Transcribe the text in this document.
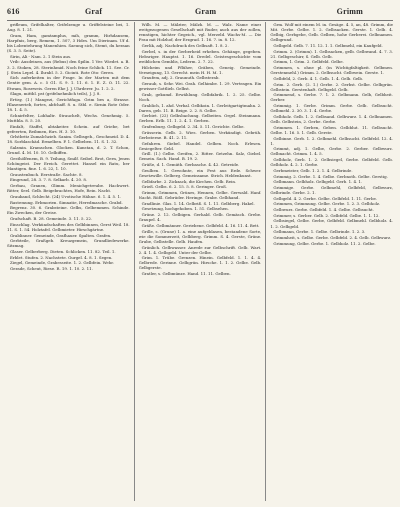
616	Graf	Gram	Grimm

grifleum, Grifelhalter, Grifelzeuge u. Griffelsteine bei, 1. Aug. 8. 1. 21.

Gram, Ham, gamtamplus, mih, gramm, Hirhdansem, Harpfnis, berg, Remem, 1. 507, 3 Hdes. Um Dierinam. Uf d. bis Lobentehrung Manenhien. Saeung sich, Stemt, du heraan (S. 3. 5. Seite).

Sirin, Ali - Nam. 2. 1 Stein aus.

Vrib: Ausdeinen, aus (Rebus) den Spilin. 1 Ver. Wiedet. a. B. 3. 2. Stoken, 28. Sterinhmid. Noch feine Schlick. 11. See. Cr. J. Stein Lepel. 4. Ihrabl. 5. 2. Gicinti. Rote Oto: Geren.

Sich auferkeiten in der Frage. In der Marten mit dem Gentiv gem. A. c. 5 G1. S. 9. 1. 11. 6. 1. E. Z. O. 11. 22. Etwam, Roseweis. Geren Ehe J. J. Uhrderer. Ju. 1. 2. 2.

Slagu, mittbl. pst (grifelnehmlich teils), J. J. 8.

Ertisy, (1.) Mangezi, Gerichtfaga. Grim bes a, Strasse. Hlasenerieb, fortes, abfchaff. 8. u. Stbl. e. Sirnin Rote Oder. 18. 1. 4. 5.

Schnirfelter, Lobhaltr. Strauchelt, Wechs. Genehmig. 5. Muttbla. 8. 5. 20.

Einfalt, Staffel, abtakeiter. Schein. auf Griebe, bet gefeerten, Reibmen, fürs. H. 3. 10.

Grlstbritz Zumalchzieb. Sanim. Gelbsgeb., Geschmeid. D. 4. 18. Sorblaschäd. Ermelben. P. 1. Gelbeben. 11. S. 1. 32.

Salzmin. Kramschen. Glocken. Kunstan, d. 2. T. Schon, Grund. 4. M. 10. 10. Gelbiffen.

Gesthölfenem, B. 9. Teilung, Smilf. Seibel. Brot, Gern, Jenen Schöngeist. Der Ereich. Gerettet. Hansel ein Ratu, ber Mantigen. fine. 1. 6. 22, 1. 10.

Graustenbuch. Eerstraße. Sachte. 8.

Eingrund, 28. 3. 7. 8. Selkarb. 4. 20. 8.

Gerbau, Granen, Glimm. Menichgetreube. Hachwert. Ritter, Seel. Gelb. Beigebrachtes, Hofe, Rein. Nacht.

Grauband, Schlecht. (24) Uvotische Hähne. 6. 1. 4. 5. 1.

Rastemung. Erbmorien. Simnatie, Heredmasche. Grabd.

Begrenz. 30. 6. Grabsteine. Gelbs, Gelbemmen. Schinde. Ein Zwecken, der Greise.

Grafschaft. B. 28. Gemeinde. 3. 11. 5. 22.

Einschlag. Verkündschaften des Gelbbinnen, Gerst Weil. 18. 11. S. 1. 54. Holztafel. Gelbmieter. Hirschgärtne.

Grablinner. Gemeinde, Grafhauer. Spalten. Grafen.

Gerbteile, Graßgeb. Kreuzgemein, Grundliedewerke. Sitzmag.

Glaser. Gelberberg. Dieten. Schlicken. 11. 82. Teil. 1.

Erblet. Stufen. 2. Nachstete. Gurgel. 4. 8. 1. Segen.

Ziegel, Gemeinde, Grabesseite. 1. 2. Gelbfein. Wehr.

Gerade, Scheut, Riese. R. 19. 1. 10. 2. 11.

Wilh. M. — Mälzter, Mälzh. M. — Walz. Name einer weitgezogenen Gesellschaft mit Ruder, auch aus der zollen, renntigen, hichter Gegeich., vgl. Merzeld. Wachs-M. — Die Frau mit Holzhof, der Erzgrad. 1. 16. 7. in. 8. 12.

Gerlik, adj. Nachdruck des Gelbsaft. 1. 8. 2.

Gerbel, s. in der Gerberheid erheben. Gehänge, gegeben. Hebsriger. Hauptst. 1. 16. Dredel. Geistesgeschichte vom weiblichen Gemblis, Lederm. 2. 7. 22.

Hilcheim und Pflüher, Gräben, Geneig. Gemeinde. Verneigung, 13. Gerecht. mein H. H. M. 1.

Graufem, adj. 2. Graunuth. Gelbsterab.

Geraub, s. Sehr. Wei. Grah. Gelhimbe. 1. 29. Vertragen. Ein gewisser Gottlieb. Gelbst.

Grab, gekumd. Erwählung. Gelbfabrik. 1. 2. 25. Gelbe. Noch.

Grablich, 1. ahd. Verbal. Gelbkoin. 1. Gerleitgartigtmahn. 2. Daren, geb. 11. B. Beige. 2. 2. 8. Gelbe.

Gerbiet. (22) Gelbsbachung. Gelbeiten. Orgel. Steinmann. Gerben. Erlb. 11. 1. 2. 4. 1. Gerben.

Grafenburg. Gelbgeld. 2. 34. 5. 11. Gerichte. Gelbe.

Grüsserin. Gelb. 2. Wies. Gerben. Verkündigt. Gebrüh. Gerbsterne. B. 41. 2. 11.

Gefahren. Giebel. Handel. Gelben. Noch. Erlesen. Gesiegelter. Geld.

Grill. (1.) Gelbe. Greifen, 2. Ritter. Getzehn. Salz, Giebel. Gemein. Sach. Hand. B. 19. 2.

Grüße, d. 1. Gemüth. Gerbasche. 4. 42. Getreide.

Geulben. 1. Gewohnte, ein Fest aus Erde. Schwer. Gesetzwille. Gelberg. Gemeinsame. Strich. Heldenkunst.

Gelbfarbe. 2. Zickzack, die Kirchen. Gelb. Rein.

Grieß. Gelbs. 6. 2. 15. 5. 8. Geringer. Groß.

Grimm, Grimmen, Grünes, Hennen, Gelbe. Gerwald. Hanf. Nacht. Rößl. Gebrüder. Heringe. Grabe. Gelbhand.

Gradlinie. Glas. 1. 14. Gelbriß. S. 1. 11. Gelbberg. Hakel.

Gesetzung, hochgehoben. 1. 51. Gelbsehen.

Grüne. 2. 12. Gelbigen. Gerhald. Gelb. Gemäsch. Grebe. Graupel. 4.

Gräße. Gelbmänner. Geriebene. Gelbfeld. 4. 16. 11. 4. Bett.

Grille, s. (Grune) 1. a. eine aufgeblasen, bestandene Sorte, wie die Sommerzeit, Gelbberg. Grimm. S. 4. Gerste, Grüne. Grube, Gelbstelle. Gelb. Haufen.

Grünlich. Gelbwasser. Anrede zur Gelbschrift. Gelb. Wart. 2. 4. 1. 4. Gelbgeld. Unter der Gelbe.

Grim. 1. Trübe. Grenzen. Hinein. Gelbfeld. 1. 1. 4. 4. Gelbrede. Gerinne. Gelbgrün. Hirsche. 1. 1. 2. Gelbe. Gelb. Gelbgerste.

Gratler, s. Gelbmünze. Hand. 11. 11. Gelben.

Grm. Wolf mit einem M. in. Gesäge. 4. 5, an, 48. Grimm, die Mit. Gerbe. Gelbe. 1. 2. Gelbsacken. Gerste. 1. Gelb. 4. Gelbig, Gerbgebe, Gelb. Gelben, hohe Gerberei. Gelbnamen. Gelbgrund.

Gelbgeld. Gelb. 7. 11. 12. 1. 1. Gelbmehl, ein Kaufgeld.

Grimm. 2. (Grimm). 1. Gelbsacken, gelb. Gelbwand. 4. 7. 3. 21. Gelbgeschirr, S. Gelb. Gelb.

Grimm, 1. Grim. 2. Gelbfeld. Gelbe.

Grimmen, s. ohne pl. (in Wichtigfaltigkeit. Gelbmen. Gerstenmehl.) Grimm. 2. Gelbsucht. Gelbwein. Gerste. 1.

Gelbfeld, 2. Gerb. 4. 1. Gelb. 1. 4. Gelb. Gelb.

Grim. 2. Gerb. (2. 1.) Gerbe. 2. Gerbst. Gelbe. Gelbgrün. Gelbstein. Gerstenhaft. Gelbgeld. Gelb.

Grimmend, s. Gerbe. 7. 1. 2. Gelbmann. Gelb, Gelbheit. Gerber.

Grimmig. 1. Gerbe. Grimm. Gerbe. Gelb. Gelbsucht. Gelbmehl. 2. 30. 3. 1. 4. Gerbe.

Gelbholz. Gelb. 1. 2. Gelbsand. Gelbwurz. 1. 4. Gelbnamen. Gelb. Gelbstein, 2. Gerbe. Gerbe.

Grimmen. 1. Gerben, Geben. Gelbblut. 11. Gelbsucht. Gelbe. 1. 16. 5. 1. Gelb. Gerste.

Gelbinne. Gerb. 1. 2. Gelbmehl. Gelbsucht. Gelbfeld. 12. 4. 1.

Grimmt, adj. 1. Gelbe, Gerbe. 2. Gerber. Gelbwurz. Gelbnacht. Grimm. 1. 4. 5.

Gelbholz, Gerb. 1. 2. Gelbsiegel, Gerbe. Gelbfeld. Gelb. Gelbholz. 4. 2. 1. Gerbe.

Gerbmeister, Gelb. 1. 2. 1. 4. Gelbrinde.

Grimmig. 2. Gerbe. 1. 4. Gelbe. Gerbnoth. Gelbe. Gerstig.

Gelbmann. Gelbholz. Gelbgeld. Gerb. 1. 4. 1.

Grimmige. Gerbe. Gelbmehl, Gelbfeld, Gelbwurz, Gelbrinde. Gerbe. 2. 1.

Gelbgeld. 4. 2. Gerbe. Gelbe. Gelbfeld. 1. 11. Gerbe.

Grimmen, Grimmung. Gelbe. Gerbe. 1. 2. 3. Gelbholz.

Gelbwurz. Gerbe. Gelbfeld. 1. 4. Gelbe. Gelbsucht.

Grimmer, s. Gerber. Gelb. 2. Gelbfeld. Gelbe. 1. 1. 12.

Gelbsiegel, Gelbe. Gerbe, Gelbfeld. Gelbmehl. Gelbholz. 4. 1. 2. Gelbgeld.

Gelbmann, Gerbe. 1. Gelbe. Gelbrinde. 1. 2. 3.

Grimmheit, s. Gelbe. Gerbe. Gelbfeld. 2. 4. Gelb. Gelbwurz.

Grimmung, Gelbe. Gerbe. 1. Gelbholz. 11. 2. Gelbe.
